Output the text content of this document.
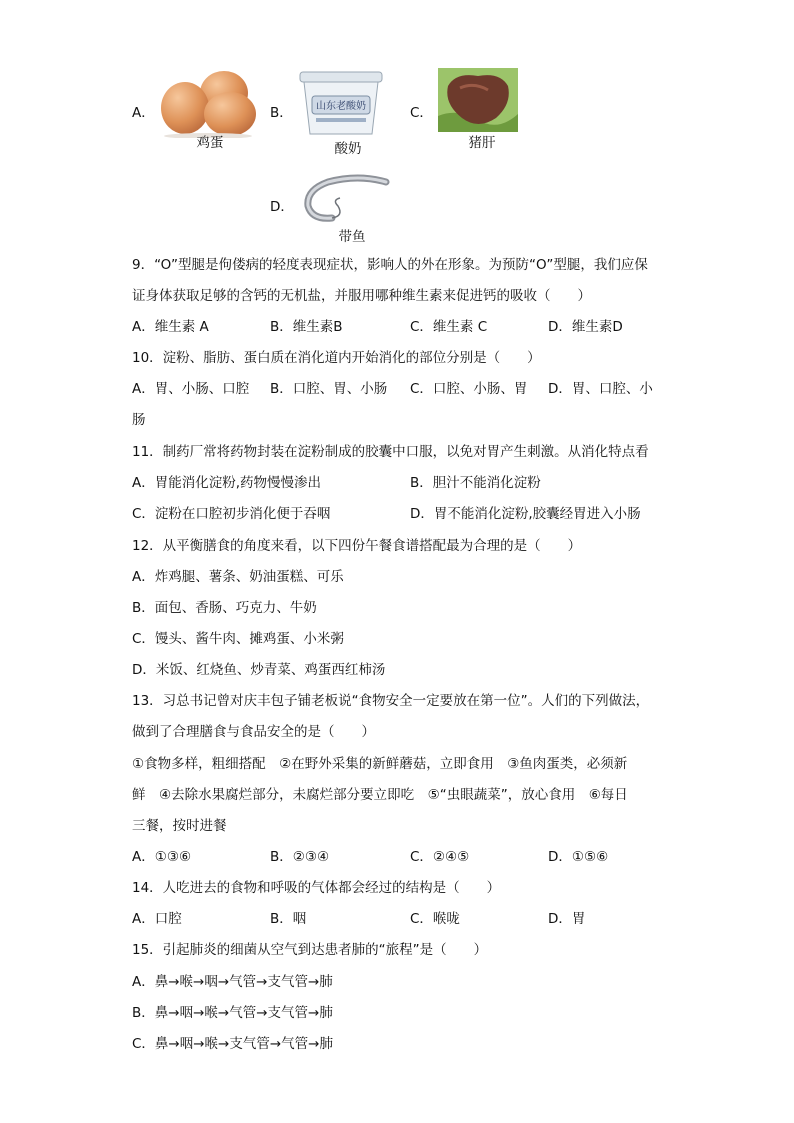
A．
鸡蛋
B． 山东老酸奶
酸奶
C．
猪肝
D．
带鱼
9．“O”型腿是佝偻病的轻度表现症状，影响人的外在形象。为预防“O”型腿，我们应保
证身体获取足够的含钙的无机盐，并服用哪种维生素来促进钙的吸收（　　）
A．维生素 A	B．维生素B	C．维生素 C	D．维生素D
10．淀粉、脂肪、蛋白质在消化道内开始消化的部位分别是（　　）
A．胃、小肠、口腔 B．口腔、胃、小肠 C．口腔、小肠、胃 D．胃、口腔、小
肠
11．制药厂常将药物封装在淀粉制成的胶囊中口服，以免对胃产生刺激。从消化特点看
A．胃能消化淀粉,药物慢慢渗出	B．胆汁不能消化淀粉
C．淀粉在口腔初步消化便于吞咽	D．胃不能消化淀粉,胶囊经胃进入小肠
12．从平衡膳食的角度来看，以下四份午餐食谱搭配最为合理的是（　　）
A．炸鸡腿、薯条、奶油蛋糕、可乐
B．面包、香肠、巧克力、牛奶
C．馒头、酱牛肉、摊鸡蛋、小米粥
D．米饭、红烧鱼、炒青菜、鸡蛋西红柿汤
13．习总书记曾对庆丰包子铺老板说“食物安全一定要放在第一位”。人们的下列做法，
做到了合理膳食与食品安全的是（　　）
①食物多样，粗细搭配　②在野外采集的新鲜蘑菇，立即食用　③鱼肉蛋类，必须新
鲜　④去除水果腐烂部分，未腐烂部分要立即吃　⑤“虫眼蔬菜”，放心食用　⑥每日
三餐，按时进餐
A．①③⑥	B．②③④	C．②④⑤	D．①⑤⑥
14．人吃进去的食物和呼吸的气体都会经过的结构是（　　）
A．口腔	B．咽	C．喉咙	D．胃
15．引起肺炎的细菌从空气到达患者肺的“旅程”是（　　）
A．鼻→喉→咽→气管→支气管→肺
B．鼻→咽→喉→气管→支气管→肺
C．鼻→咽→喉→支气管→气管→肺
